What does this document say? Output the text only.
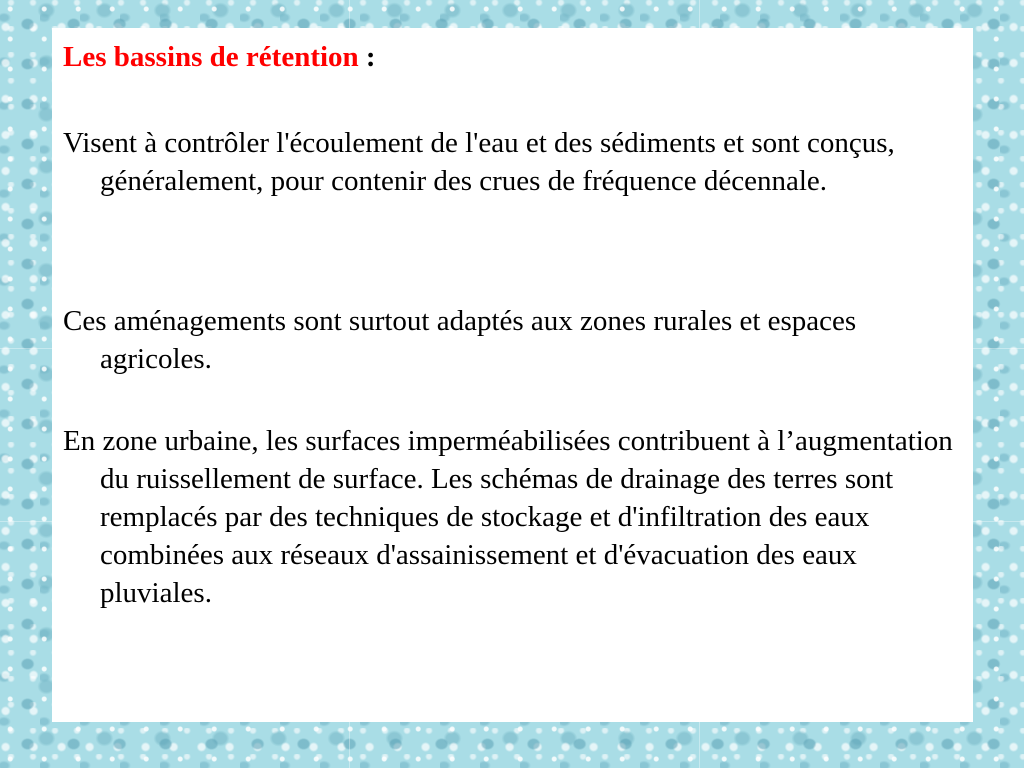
Les bassins de rétention :

Visent à contrôler l'écoulement de l'eau et des sédiments et sont conçus, généralement, pour contenir des crues de fréquence décennale.

Ces aménagements sont surtout adaptés aux zones rurales et espaces agricoles.

En zone urbaine, les surfaces imperméabilisées contribuent à l’augmentation du ruissellement de surface. Les schémas de drainage des terres sont remplacés par des techniques de stockage et d'infiltration des eaux combinées aux réseaux d'assainissement et d'évacuation des eaux pluviales.
